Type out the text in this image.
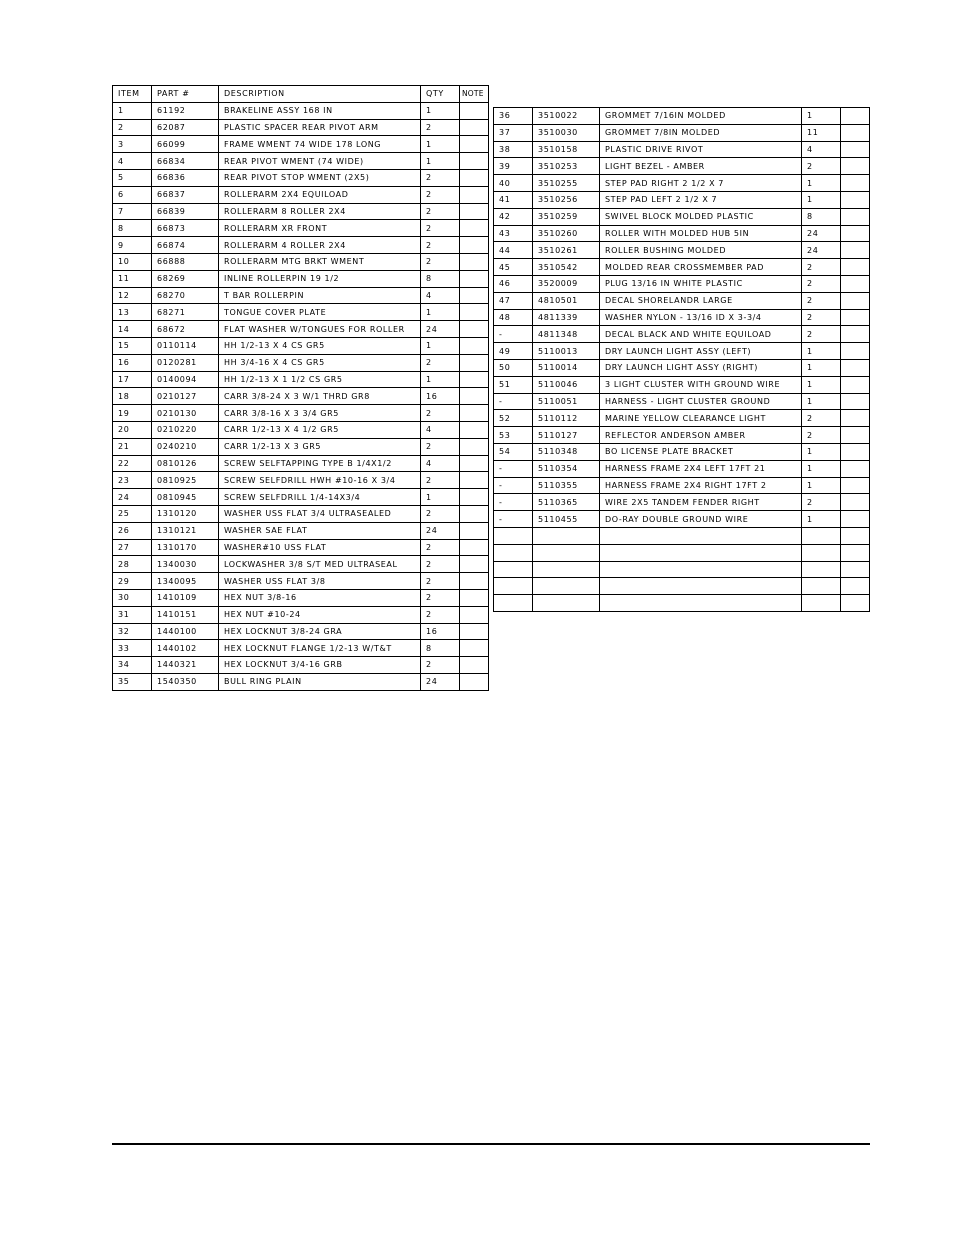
ITEM	PART #	DESCRIPTION	QTY	NOTE
1	61192	BRAKELINE ASSY 168 IN	1	
2	62087	PLASTIC SPACER REAR PIVOT ARM	2	
3	66099	FRAME WMENT 74 WIDE 178 LONG	1	
4	66834	REAR PIVOT WMENT (74 WIDE)	1	
5	66836	REAR PIVOT STOP WMENT (2X5)	2	
6	66837	ROLLERARM 2X4 EQUILOAD	2	
7	66839	ROLLERARM 8 ROLLER 2X4	2	
8	66873	ROLLERARM XR FRONT	2	
9	66874	ROLLERARM 4 ROLLER 2X4	2	
10	66888	ROLLERARM MTG BRKT WMENT	2	
11	68269	INLINE ROLLERPIN 19 1/2	8	
12	68270	T BAR ROLLERPIN	4	
13	68271	TONGUE COVER PLATE	1	
14	68672	FLAT WASHER W/TONGUES FOR ROLLER	24	
15	0110114	HH 1/2-13 X 4 CS GR5	1	
16	0120281	HH 3/4-16 X 4 CS GR5	2	
17	0140094	HH 1/2-13 X 1 1/2 CS GR5	1	
18	0210127	CARR 3/8-24 X 3 W/1 THRD GR8	16	
19	0210130	CARR 3/8-16 X 3 3/4 GR5	2	
20	0210220	CARR 1/2-13 X 4 1/2 GR5	4	
21	0240210	CARR 1/2-13 X 3 GR5	2	
22	0810126	SCREW SELFTAPPING TYPE B 1/4X1/2	4	
23	0810925	SCREW SELFDRILL HWH #10-16 X 3/4	2	
24	0810945	SCREW SELFDRILL 1/4-14X3/4	1	
25	1310120	WASHER USS FLAT 3/4 ULTRASEALED	2	
26	1310121	WASHER SAE FLAT	24	
27	1310170	WASHER#10 USS FLAT	2	
28	1340030	LOCKWASHER 3/8 S/T MED ULTRASEAL	2	
29	1340095	WASHER USS FLAT 3/8	2	
30	1410109	HEX NUT 3/8-16	2	
31	1410151	HEX NUT #10-24	2	
32	1440100	HEX LOCKNUT 3/8-24 GRA	16	
33	1440102	HEX LOCKNUT FLANGE 1/2-13 W/T&T	8	
34	1440321	HEX LOCKNUT 3/4-16 GRB	2	
35	1540350	BULL RING PLAIN	24	
36	3510022	GROMMET 7/16IN MOLDED	1	
37	3510030	GROMMET 7/8IN MOLDED	11	
38	3510158	PLASTIC DRIVE RIVOT	4	
39	3510253	LIGHT BEZEL - AMBER	2	
40	3510255	STEP PAD RIGHT 2 1/2 X 7	1	
41	3510256	STEP PAD LEFT 2 1/2 X 7	1	
42	3510259	SWIVEL BLOCK MOLDED PLASTIC	8	
43	3510260	ROLLER WITH MOLDED HUB 5IN	24	
44	3510261	ROLLER BUSHING MOLDED	24	
45	3510542	MOLDED REAR CROSSMEMBER PAD	2	
46	3520009	PLUG 13/16 IN WHITE PLASTIC	2	
47	4810501	DECAL SHORELANDR LARGE	2	
48	4811339	WASHER NYLON - 13/16 ID X 3-3/4	2	
-	4811348	DECAL BLACK AND WHITE EQUILOAD	2	
49	5110013	DRY LAUNCH LIGHT ASSY (LEFT)	1	
50	5110014	DRY LAUNCH LIGHT ASSY (RIGHT)	1	
51	5110046	3 LIGHT CLUSTER WITH GROUND WIRE	1	
-	5110051	HARNESS - LIGHT CLUSTER GROUND	1	
52	5110112	MARINE YELLOW CLEARANCE LIGHT	2	
53	5110127	REFLECTOR ANDERSON AMBER	2	
54	5110348	BO LICENSE PLATE BRACKET	1	
-	5110354	HARNESS FRAME 2X4 LEFT 17FT 21	1	
-	5110355	HARNESS FRAME 2X4 RIGHT 17FT 2	1	
-	5110365	WIRE 2X5 TANDEM FENDER RIGHT	2	
-	5110455	DO-RAY DOUBLE GROUND WIRE	1	
